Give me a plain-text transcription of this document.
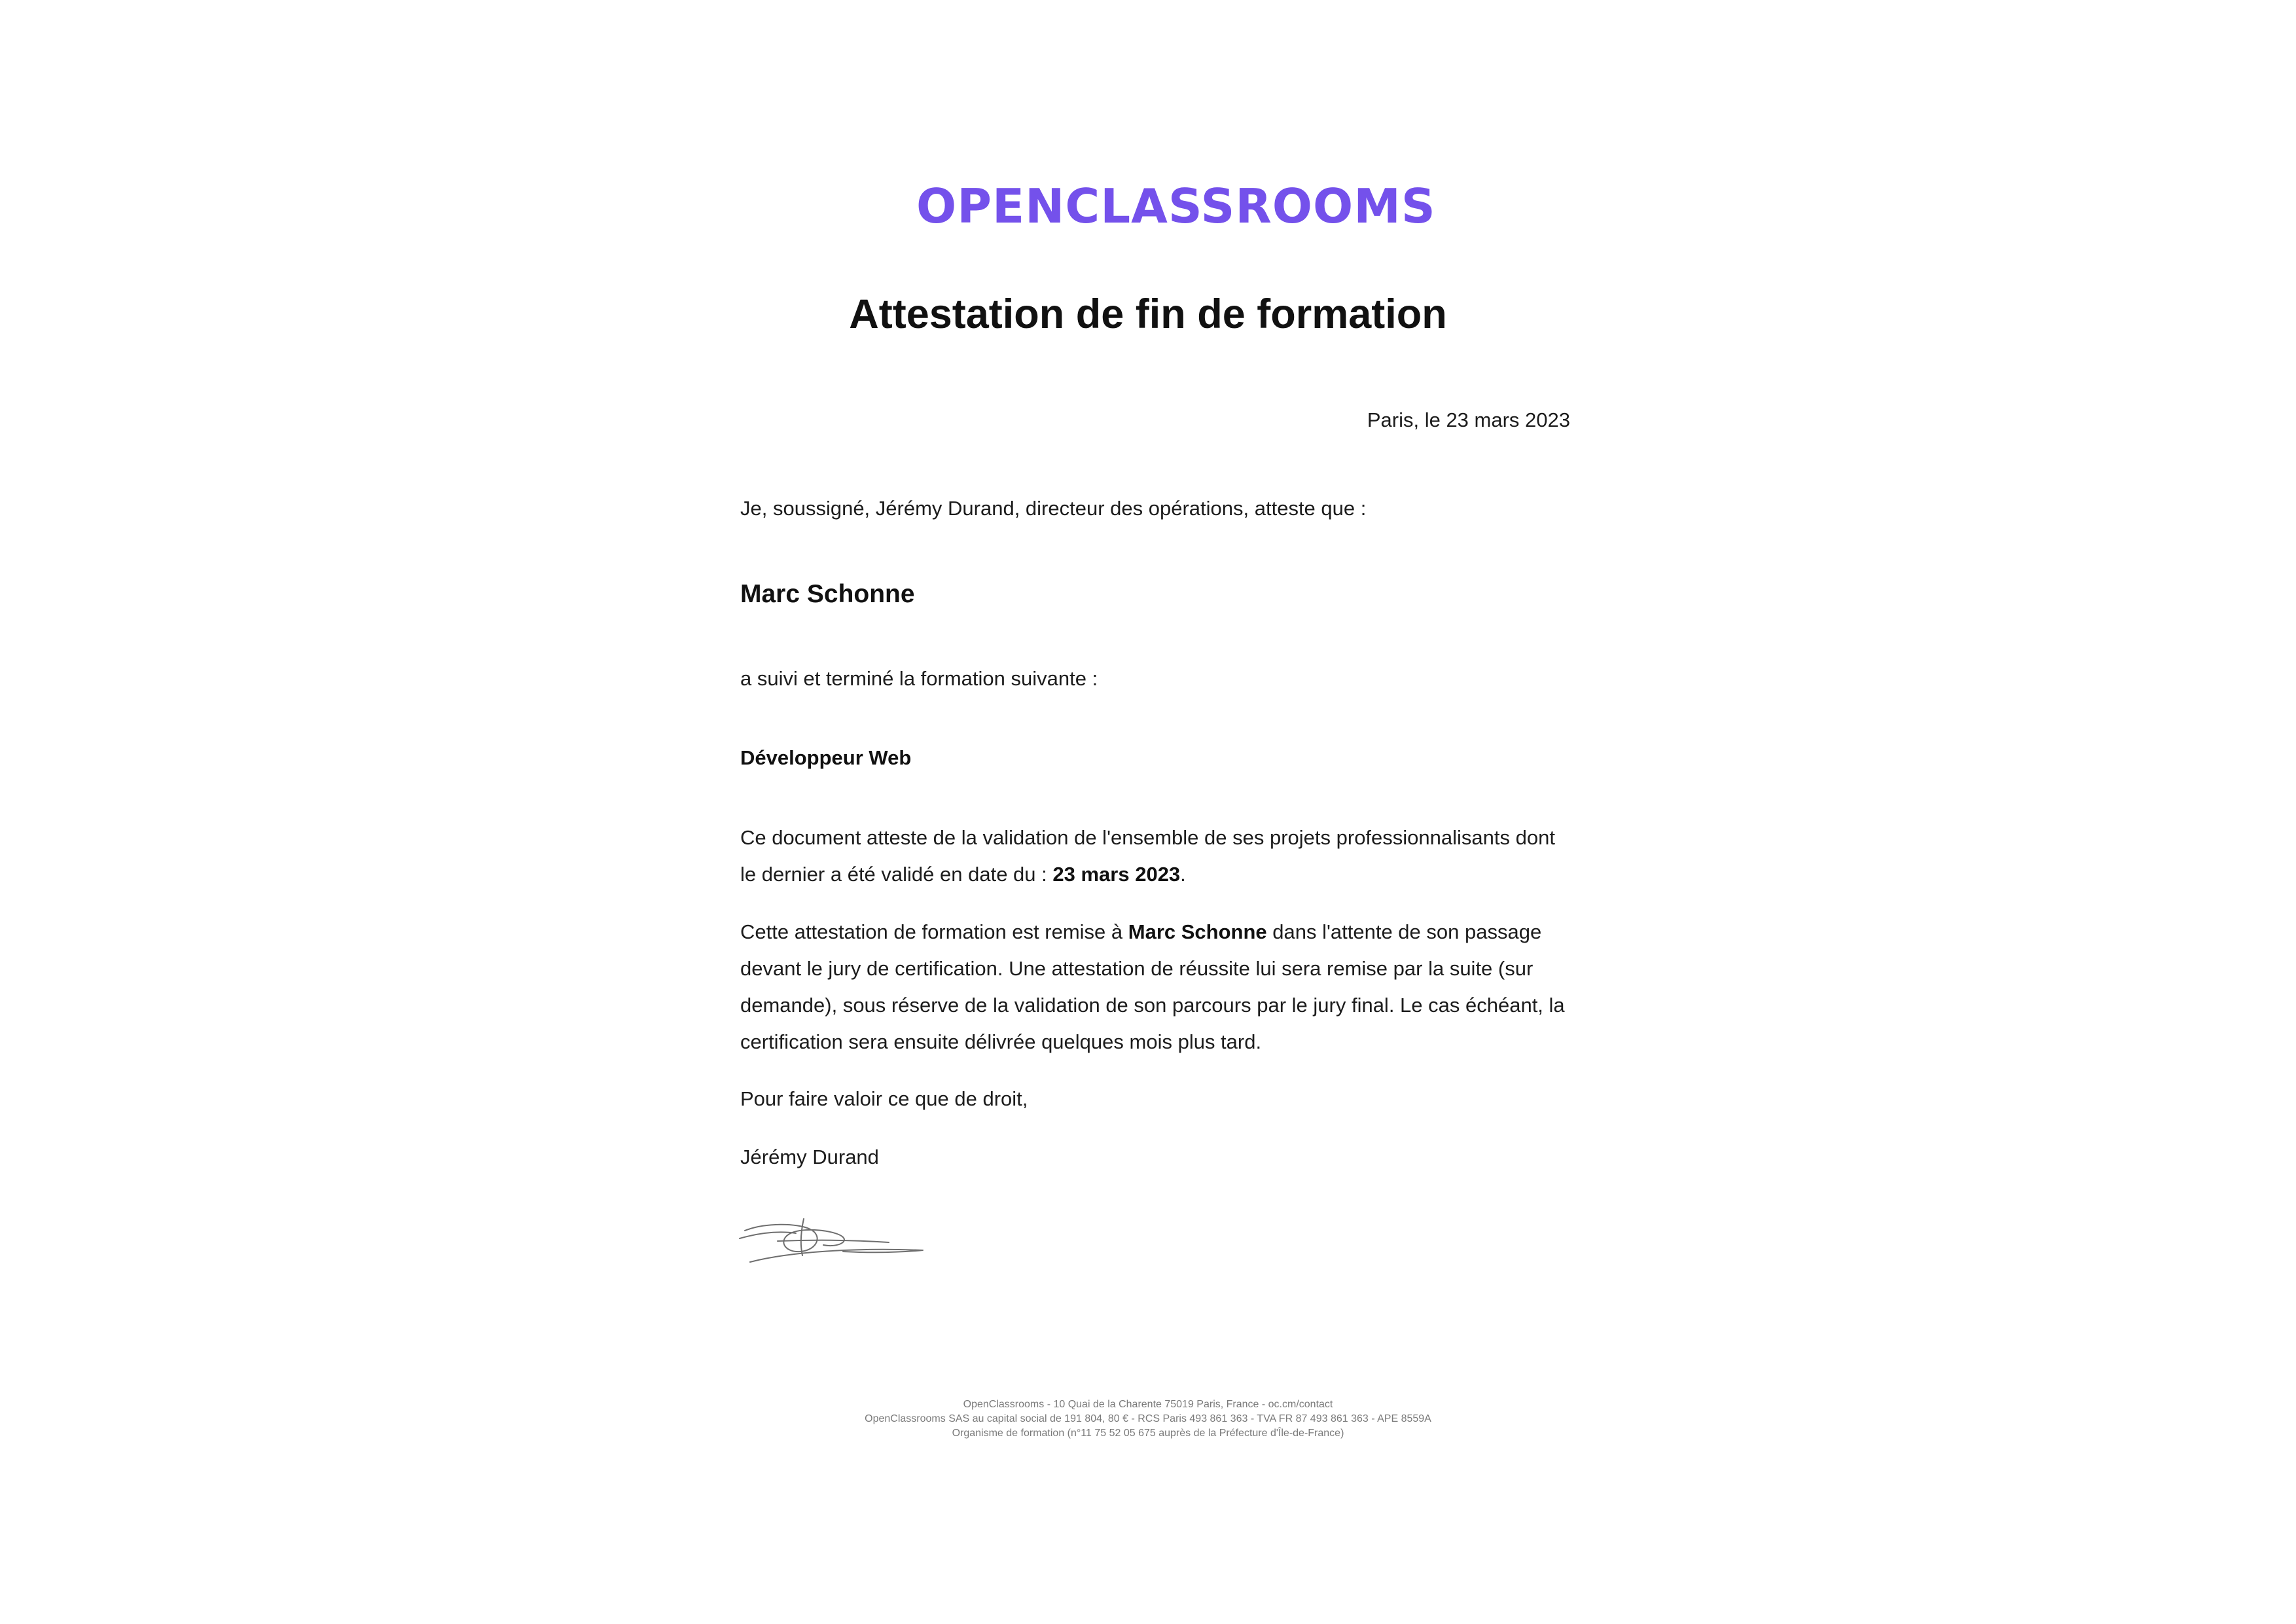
OPENCLASSROOMS
Attestation de fin de formation
Paris, le 23 mars 2023
Je, soussigné, Jérémy Durand, directeur des opérations, atteste que :
Marc Schonne
a suivi et terminé la formation suivante :
Développeur Web

Ce document atteste de la validation de l'ensemble de ses projets professionnalisants dont le dernier a été validé en date du : 23 mars 2023.

Cette attestation de formation est remise à Marc Schonne dans l'attente de son passage devant le jury de certification. Une attestation de réussite lui sera remise par la suite (sur demande), sous réserve de la validation de son parcours par le jury final. Le cas échéant, la certification sera ensuite délivrée quelques mois plus tard.

Pour faire valoir ce que de droit,
Jérémy Durand
OpenClassrooms - 10 Quai de la Charente 75019 Paris, France - oc.cm/contact
OpenClassrooms SAS au capital social de 191 804, 80 € - RCS Paris 493 861 363 - TVA FR 87 493 861 363 - APE 8559A
Organisme de formation (n°11 75 52 05 675 auprès de la Préfecture d'Île-de-France)
